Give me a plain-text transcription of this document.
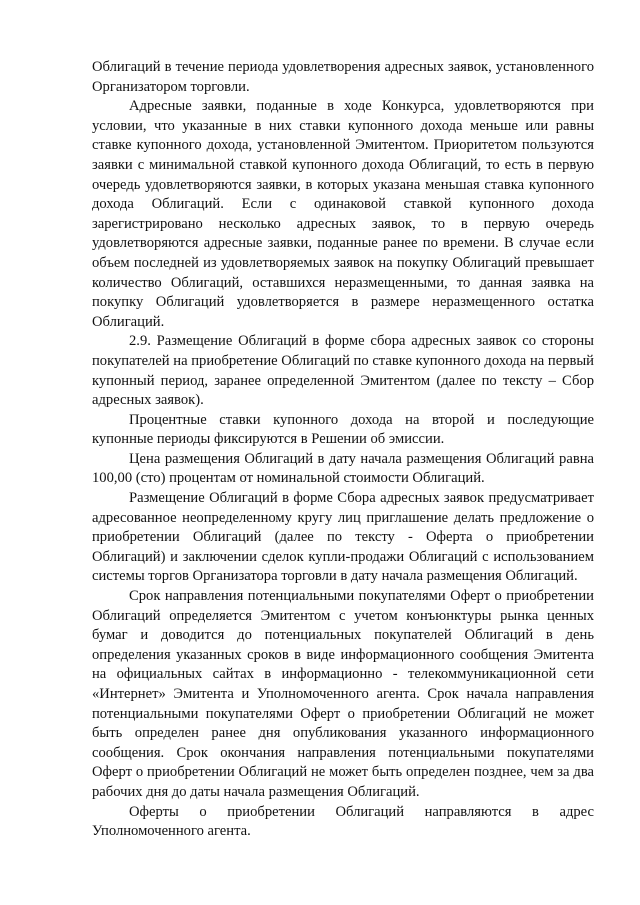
Облигаций в течение периода удовлетворения адресных заявок, установленного Организатором торговли.

Адресные заявки, поданные в ходе Конкурса, удовлетворяются при условии, что указанные в них ставки купонного дохода меньше или равны ставке купонного дохода, установленной Эмитентом. Приоритетом пользуются заявки с минимальной ставкой купонного дохода Облигаций, то есть в первую очередь удовлетворяются заявки, в которых указана меньшая ставка купонного дохода Облигаций. Если с одинаковой ставкой купонного дохода зарегистрировано несколько адресных заявок, то в первую очередь удовлетворяются адресные заявки, поданные ранее по времени. В случае если объем последней из удовлетворяемых заявок на покупку Облигаций превышает количество Облигаций, оставшихся неразмещенными, то данная заявка на покупку Облигаций удовлетворяется в размере неразмещенного остатка Облигаций.

2.9. Размещение Облигаций в форме сбора адресных заявок со стороны покупателей на приобретение Облигаций по ставке купонного дохода на первый купонный период, заранее определенной Эмитентом (далее по тексту – Сбор адресных заявок).

Процентные ставки купонного дохода на второй и последующие купонные периоды фиксируются в Решении об эмиссии.

Цена размещения Облигаций в дату начала размещения Облигаций равна 100,00 (сто) процентам от номинальной стоимости Облигаций.

Размещение Облигаций в форме Сбора адресных заявок предусматривает адресованное неопределенному кругу лиц приглашение делать предложение о приобретении Облигаций (далее по тексту - Оферта о приобретении Облигаций) и заключении сделок купли-продажи Облигаций с использованием системы торгов Организатора торговли в дату начала размещения Облигаций.

Срок направления потенциальными покупателями Оферт о приобретении Облигаций определяется Эмитентом с учетом конъюнктуры рынка ценных бумаг и доводится до потенциальных покупателей Облигаций в день определения указанных сроков в виде информационного сообщения Эмитента на официальных сайтах в информационно - телекоммуникационной сети «Интернет» Эмитента и Уполномоченного агента. Срок начала направления потенциальными покупателями Оферт о приобретении Облигаций не может быть определен ранее дня опубликования указанного информационного сообщения. Срок окончания направления потенциальными покупателями Оферт о приобретении Облигаций не может быть определен позднее, чем за два рабочих дня до даты начала размещения Облигаций.

Оферты о приобретении Облигаций направляются в адрес Уполномоченного агента.
